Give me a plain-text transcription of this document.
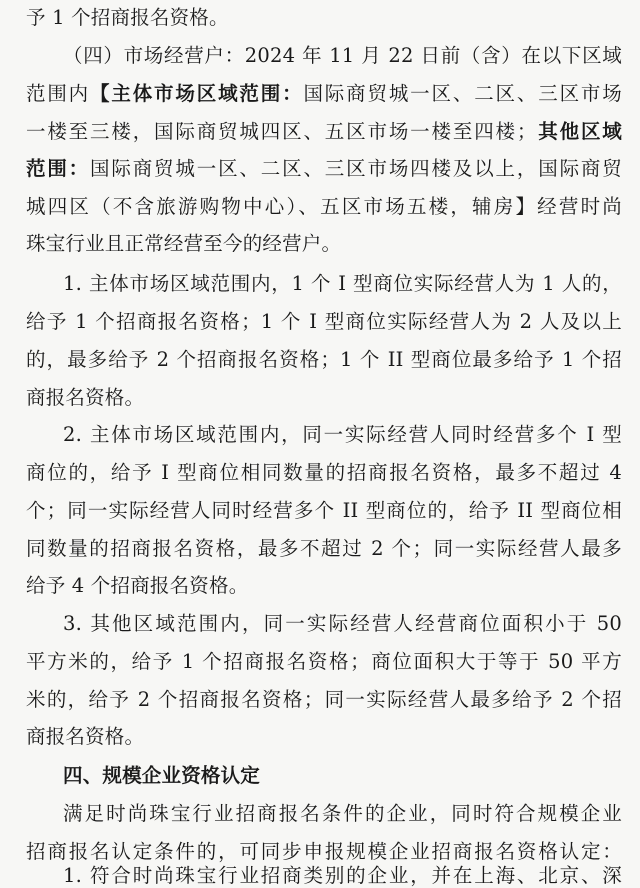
予 1 个招商报名资格。
（四）市场经营户：2024 年 11 月 22 日前（含）在以下区域
范围内【主体市场区域范围：国际商贸城一区、二区、三区市场
一楼至三楼，国际商贸城四区、五区市场一楼至四楼；其他区域
范围：国际商贸城一区、二区、三区市场四楼及以上，国际商贸
城四区（不含旅游购物中心）、五区市场五楼，辅房】经营时尚
珠宝行业且正常经营至今的经营户。
1. 主体市场区域范围内，1 个 I 型商位实际经营人为 1 人的，
给予 1 个招商报名资格；1 个 I 型商位实际经营人为 2 人及以上
的，最多给予 2 个招商报名资格；1 个 II 型商位最多给予 1 个招
商报名资格。
2. 主体市场区域范围内，同一实际经营人同时经营多个 I 型
商位的，给予 I 型商位相同数量的招商报名资格，最多不超过 4
个；同一实际经营人同时经营多个 II 型商位的，给予 II 型商位相
同数量的招商报名资格，最多不超过 2 个；同一实际经营人最多
给予 4 个招商报名资格。
3. 其他区域范围内，同一实际经营人经营商位面积小于 50
平方米的，给予 1 个招商报名资格；商位面积大于等于 50 平方
米的，给予 2 个招商报名资格；同一实际经营人最多给予 2 个招
商报名资格。
四、规模企业资格认定
满足时尚珠宝行业招商报名条件的企业，同时符合规模企业
招商报名认定条件的，可同步申报规模企业招商报名资格认定：
1. 符合时尚珠宝行业招商类别的企业，并在上海、北京、深
